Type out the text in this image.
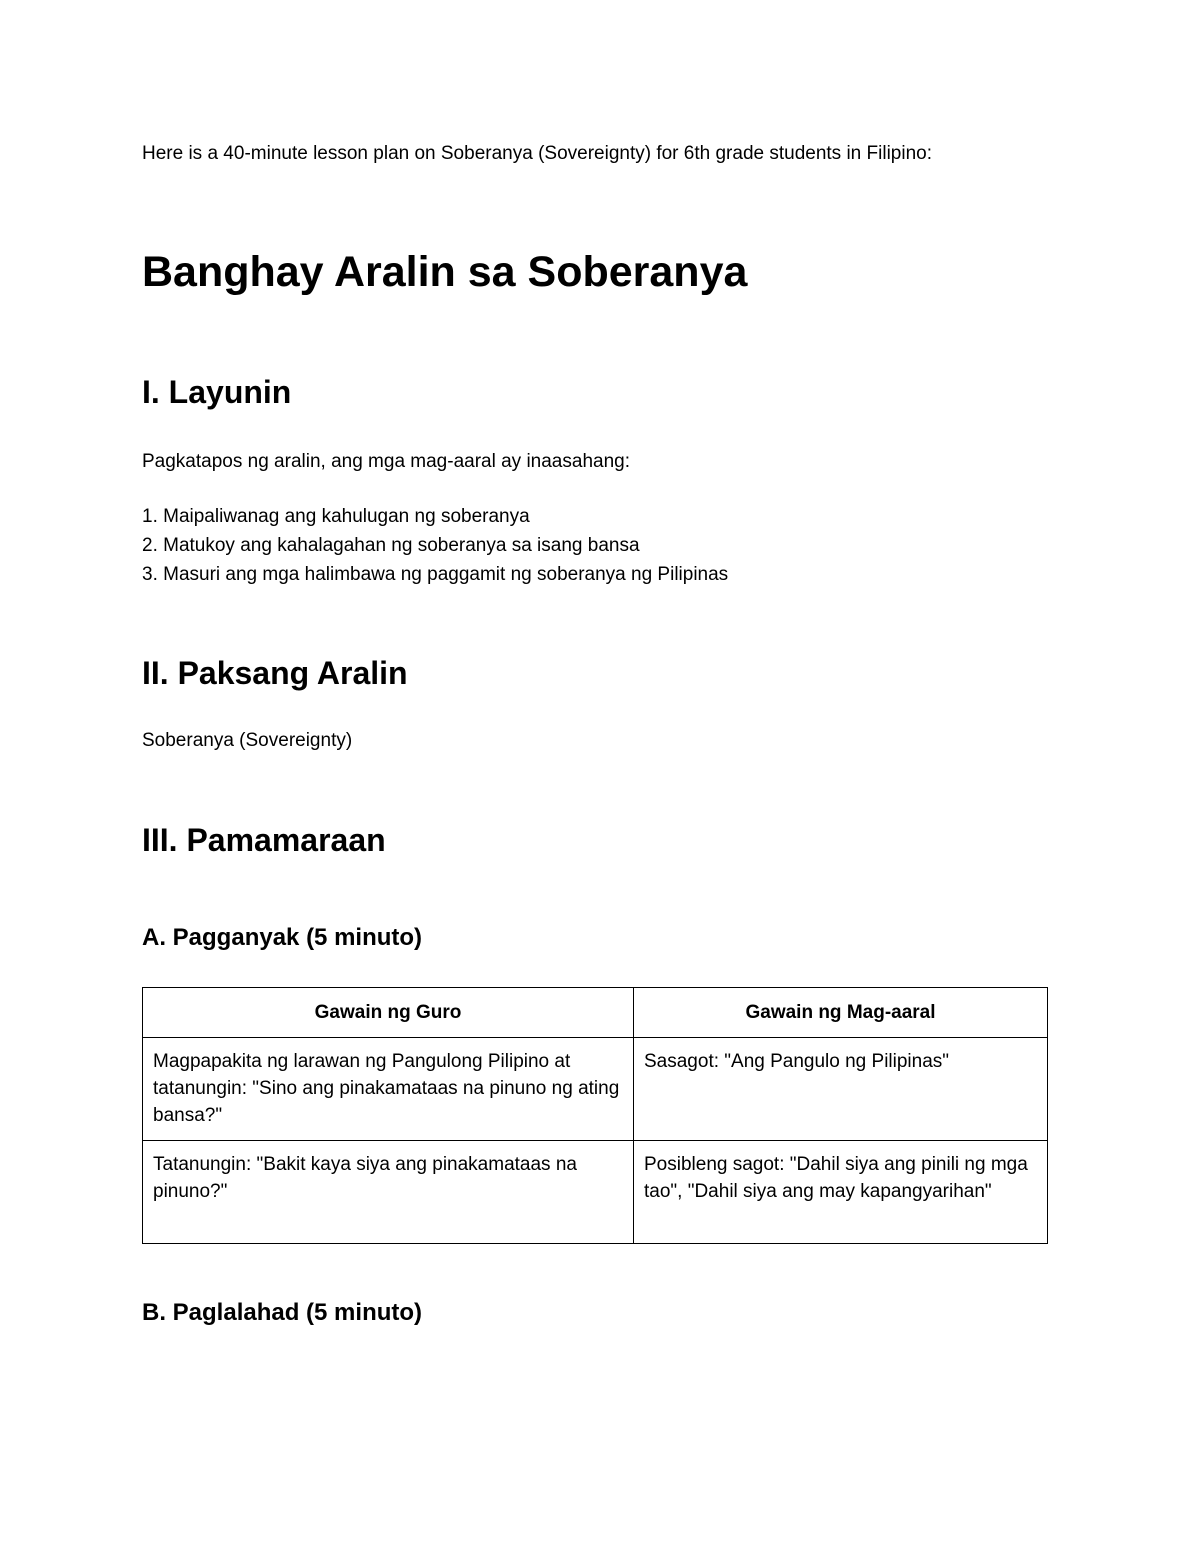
Here is a 40-minute lesson plan on Soberanya (Sovereignty) for 6th grade students in Filipino:
Banghay Aralin sa Soberanya
I. Layunin
Pagkatapos ng aralin, ang mga mag-aaral ay inaasahang:
1. Maipaliwanag ang kahulugan ng soberanya
2. Matukoy ang kahalagahan ng soberanya sa isang bansa
3. Masuri ang mga halimbawa ng paggamit ng soberanya ng Pilipinas
II. Paksang Aralin
Soberanya (Sovereignty)
III. Pamamaraan
A. Pagganyak (5 minuto)
Gawain ng Guro	Gawain ng Mag-aaral
Magpapakita ng larawan ng Pangulong Pilipino at tatanungin: "Sino ang pinakamataas na pinuno ng ating bansa?"	Sasagot: "Ang Pangulo ng Pilipinas"
Tatanungin: "Bakit kaya siya ang pinakamataas na pinuno?"	Posibleng sagot: "Dahil siya ang pinili ng mga tao", "Dahil siya ang may kapangyarihan"
B. Paglalahad (5 minuto)
